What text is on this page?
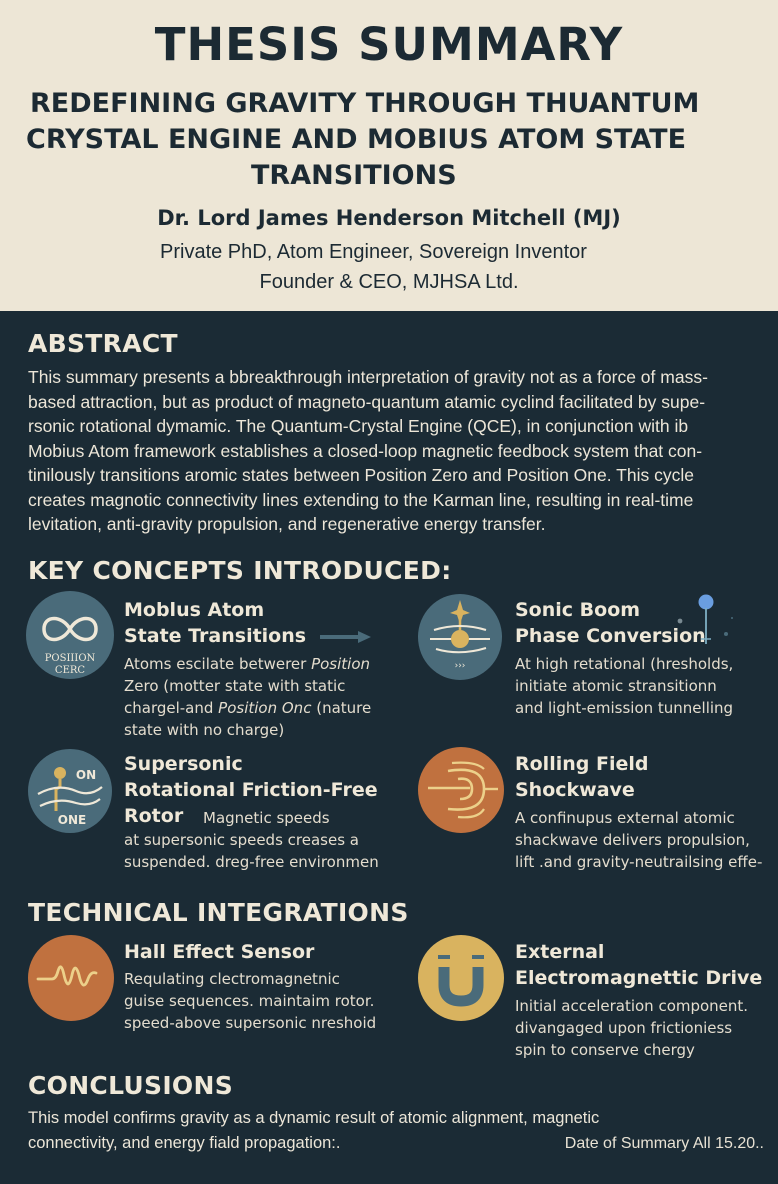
THESIS SUMMARY
REDEFINING GRAVITY THROUGH THUANTUM
CRYSTAL ENGINE AND MOBIUS ATOM STATE
TRANSITIONS
Dr. Lord James Henderson Mitchell (MJ)
Private PhD, Atom Engineer, Sovereign Inventor
Founder & CEO, MJHSA Ltd.
ABSTRACT
This summary presents a bbreakthrough interpretation of gravity not as a force of mass-
based attraction, but as product of magneto-quantum atamic cyclind facilitated by supe-
rsonic rotational dymamic. The Quantum-Crystal Engine (QCE), in conjunction with ib
Mobius Atom framework establishes a closed-loop magnetic feedbock system that con-
tinilously transitions aromic states between Position Zero and Position One. This cycle
creates magnotic connectivity lines extending to the Karman line, resulting in real-time
levitation, anti-gravity propulsion, and regenerative energy transfer.
KEY CONCEPTS INTRODUCED:
POSIIION
CERC
Moblus Atom
State Transitions
Atoms escilate betwerer Position
Zero (motter state with static
chargel-and Position Onc (nature
state with no charge)
›››
Sonic Boom
Phase Conversion
At high retational (hresholds,
initiate atomic stransitionn
and light-emission tunnelling
ON
ONE
Supersonic
Rotational Friction-Free
Rotor	Magnetic speeds
at supersonic speeds creases a
suspended. dreg-free environmen
Rolling Field
Shockwave
A confinupus external atomic
shackwave delivers propulsion,
lift .and gravity-neutrailsing effe-
TECHNICAL INTEGRATIONS
Hall Effect Sensor
Requlating clectromagnetnic
guise sequences. maintaim rotor.
speed-above supersonic nreshoid
External
Electromagnettic Drive
Initial acceleration component.
divangaged upon frictioniess
spin to conserve chergy
CONCLUSIONS
This model confirms gravity as a dynamic result of atomic alignment, magnetic
connectivity, and energy fiald propagation:.	Date of Summary All 15.20..
